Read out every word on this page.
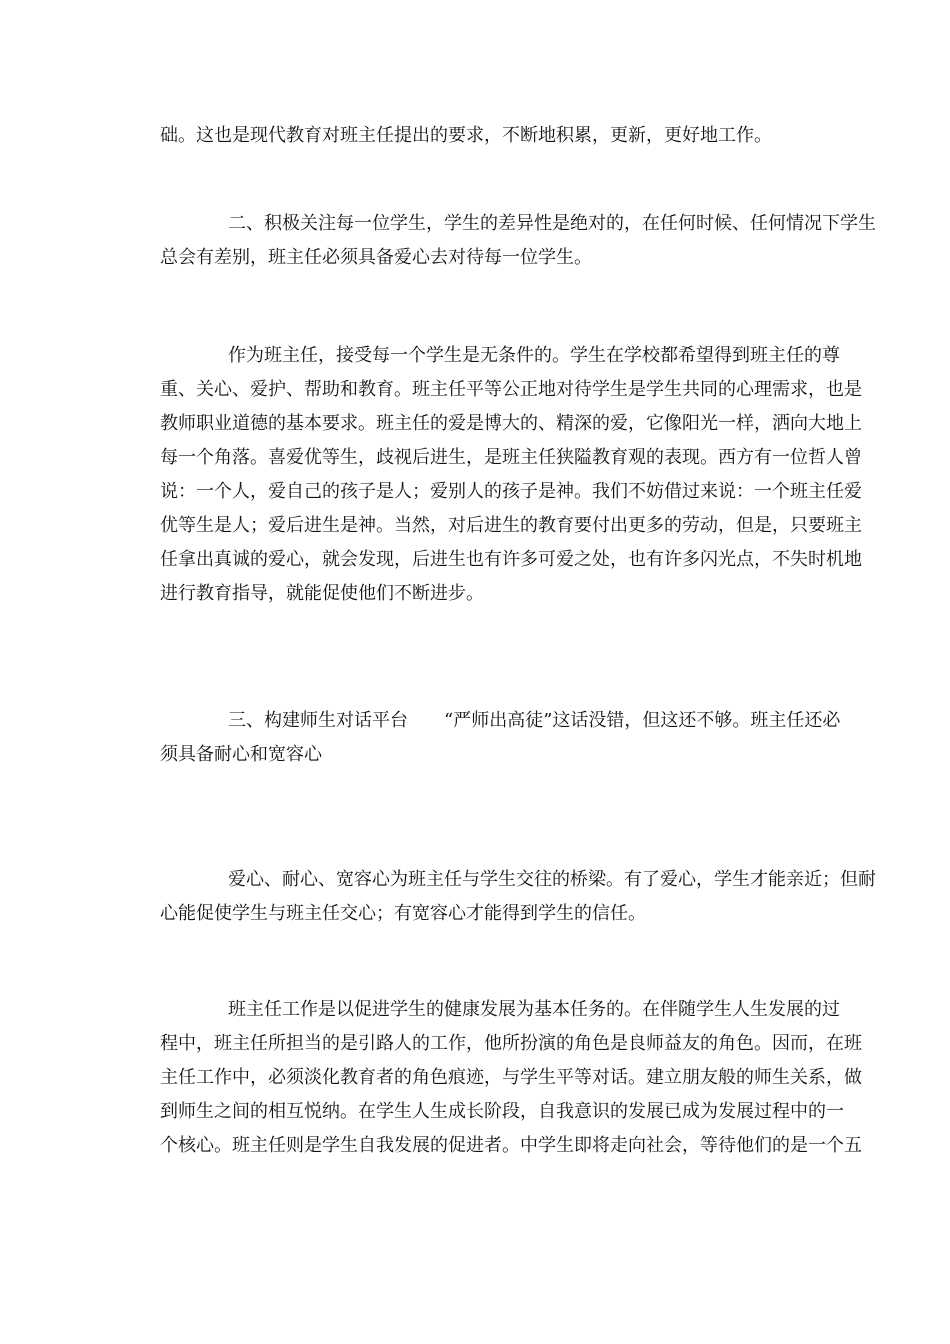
础。这也是现代教育对班主任提出的要求，不断地积累，更新，更好地工作。
二、积极关注每一位学生，学生的差异性是绝对的，在任何时候、任何情况下学生
总会有差别，班主任必须具备爱心去对待每一位学生。
作为班主任，接受每一个学生是无条件的。学生在学校都希望得到班主任的尊
重、关心、爱护、帮助和教育。班主任平等公正地对待学生是学生共同的心理需求，也是
教师职业道德的基本要求。班主任的爱是博大的、精深的爱，它像阳光一样，洒向大地上
每一个角落。喜爱优等生，歧视后进生，是班主任狭隘教育观的表现。西方有一位哲人曾
说：一个人，爱自己的孩子是人；爱别人的孩子是神。我们不妨借过来说：一个班主任爱
优等生是人；爱后进生是神。当然，对后进生的教育要付出更多的劳动，但是，只要班主
任拿出真诚的爱心，就会发现，后进生也有许多可爱之处，也有许多闪光点，不失时机地
进行教育指导，就能促使他们不断进步。
三、构建师生对话平台　　“严师出高徒”这话没错，但这还不够。班主任还必
须具备耐心和宽容心
爱心、耐心、宽容心为班主任与学生交往的桥梁。有了爱心，学生才能亲近；但耐
心能促使学生与班主任交心；有宽容心才能得到学生的信任。
班主任工作是以促进学生的健康发展为基本任务的。在伴随学生人生发展的过
程中，班主任所担当的是引路人的工作，他所扮演的角色是良师益友的角色。因而，在班
主任工作中，必须淡化教育者的角色痕迹，与学生平等对话。建立朋友般的师生关系，做
到师生之间的相互悦纳。在学生人生成长阶段，自我意识的发展已成为发展过程中的一
个核心。班主任则是学生自我发展的促进者。中学生即将走向社会，等待他们的是一个五
